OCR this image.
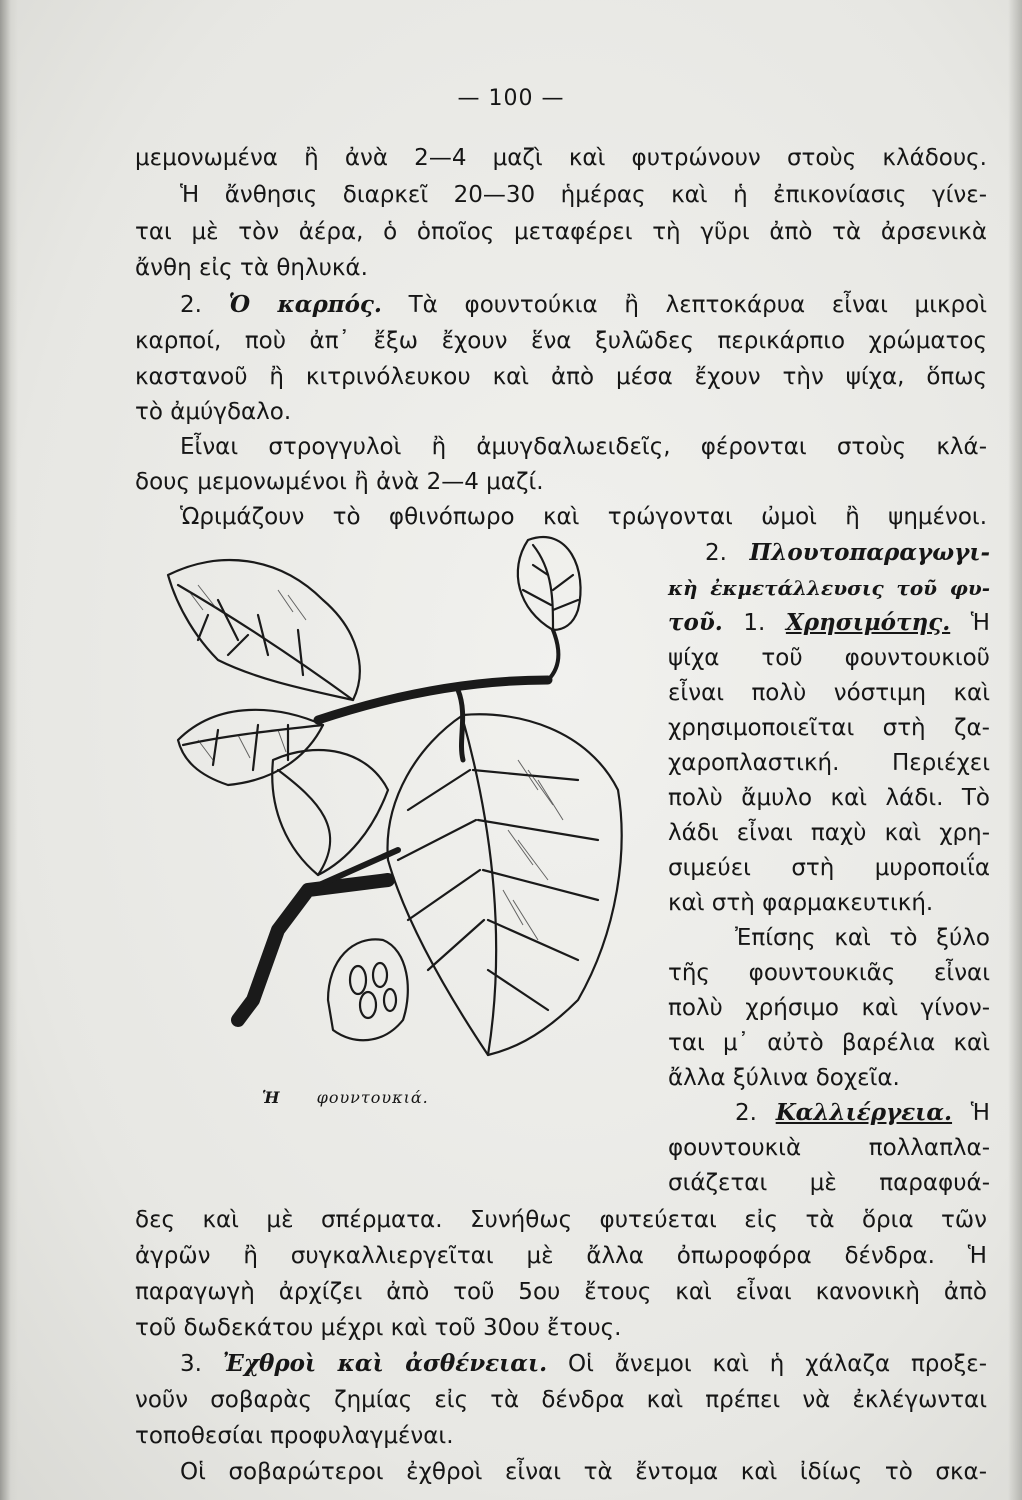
— 100 —
μεμονωμένα ἢ ἀνὰ 2—4 μαζὶ καὶ φυτρώνουν στοὺς κλάδους.
Ἡ ἄνθησις διαρκεῖ 20—30 ἡμέρας καὶ ἡ ἐπικονίασις γίνε-
ται μὲ τὸν ἀέρα, ὁ ὁποῖος μεταφέρει τὴ γῦρι ἀπὸ τὰ ἀρσενικὰ
ἄνθη εἰς τὰ θηλυκά.
2. Ὁ καρπός. Τὰ φουντούκια ἢ λεπτοκάρυα εἶναι μικροὶ
καρποί, ποὺ ἀπ᾽ ἔξω ἔχουν ἕνα ξυλῶδες περικάρπιο χρώματος
καστανοῦ ἢ κιτρινόλευκου καὶ ἀπὸ μέσα ἔχουν τὴν ψίχα, ὅπως
τὸ ἀμύγδαλο.
Εἶναι στρογγυλοὶ ἢ ἀμυγδαλωειδεῖς, φέρονται στοὺς κλά-
δους μεμονωμένοι ἢ ἀνὰ 2—4 μαζί.
Ὡριμάζουν τὸ φθινόπωρο καὶ τρώγονται ὠμοὶ ἢ ψημένοι.
2. Πλουτοπαραγωγι-
κὴ ἐκμετάλλευσις τοῦ φυ-
τοῦ. 1. Χρησιμότης. Ἡ
ψίχα τοῦ φουντουκιοῦ
εἶναι πολὺ νόστιμη καὶ
χρησιμοποιεῖται στὴ ζα-
χαροπλαστική. Περιέχει
πολὺ ἄμυλο καὶ λάδι. Τὸ
λάδι εἶναι παχὺ καὶ χρη-
σιμεύει στὴ μυροποιΐα
καὶ στὴ φαρμακευτική.
Ἐπίσης καὶ τὸ ξύλο
τῆς φουντουκιᾶς εἶναι
πολὺ χρήσιμο καὶ γίνον-
ται μ᾽ αὐτὸ βαρέλια καὶ
ἄλλα ξύλινα δοχεῖα.
2. Καλλιέργεια. Ἡ
φουντουκιὰ πολλαπλα-
σιάζεται μὲ παραφυά-
δες καὶ μὲ σπέρματα. Συνήθως φυτεύεται εἰς τὰ ὅρια τῶν
ἀγρῶν ἢ συγκαλλιεργεῖται μὲ ἄλλα ὀπωροφόρα δένδρα. Ἡ
παραγωγὴ ἀρχίζει ἀπὸ τοῦ 5ου ἔτους καὶ εἶναι κανονικὴ ἀπὸ
τοῦ δωδεκάτου μέχρι καὶ τοῦ 30ου ἔτους.
3. Ἐχθροὶ καὶ ἀσθένειαι. Οἱ ἄνεμοι καὶ ἡ χάλαζα προξε-
νοῦν σοβαρὰς ζημίας εἰς τὰ δένδρα καὶ πρέπει νὰ ἐκλέγωνται
τοποθεσίαι προφυλαγμέναι.
Οἱ σοβαρώτεροι ἐχθροὶ εἶναι τὰ ἔντομα καὶ ἰδίως τὸ σκα-
Ἡ φουντουκιά.
